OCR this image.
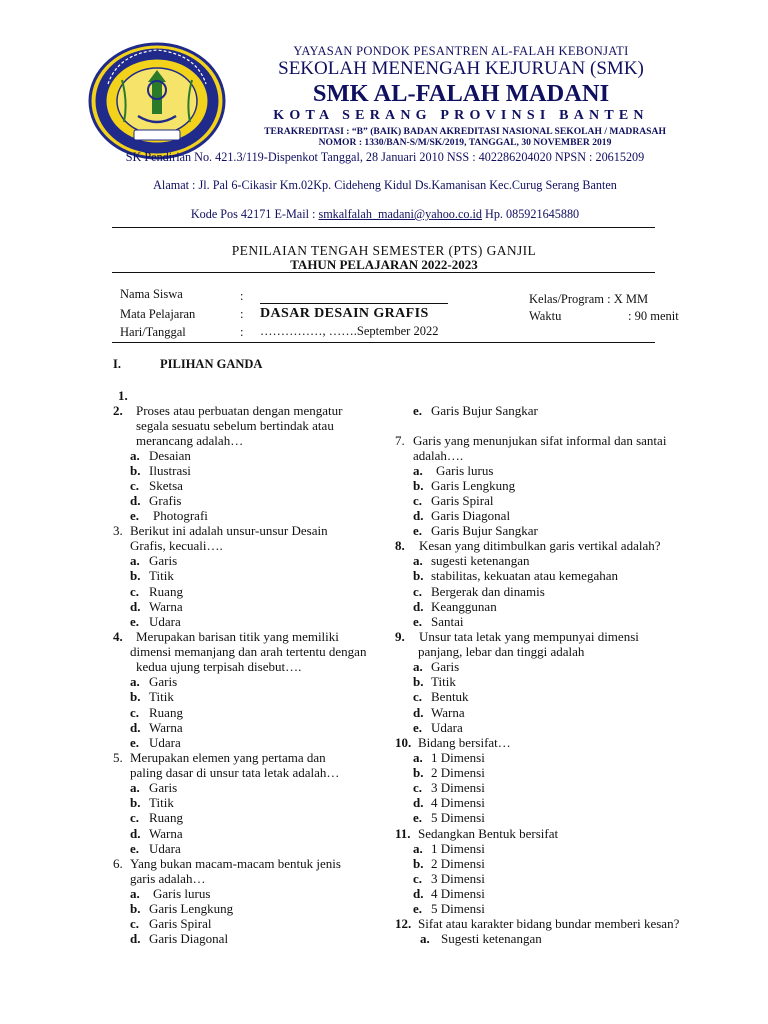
YAYASAN PONDOK PESANTREN AL-FALAH KEBONJATI
SEKOLAH MENENGAH KEJURUAN (SMK)
SMK AL-FALAH MADANI
KOTA SERANG PROVINSI BANTEN
TERAKREDITASI : “B” (BAIK) BADAN AKREDITASI NASIONAL SEKOLAH / MADRASAH
NOMOR : 1330/BAN-S/M/SK/2019, TANGGAL, 30 NOVEMBER 2019
SK Pendirian No. 421.3/119-Dispenkot Tanggal, 28 Januari 2010 NSS : 402286204020 NPSN : 20615209
Alamat : Jl. Pal 6-Cikasir Km.02Kp. Cideheng Kidul Ds.Kamanisan Kec.Curug Serang Banten
Kode Pos 42171 E-Mail : smkalfalah_madani@yahoo.co.id Hp. 085921645880
PENILAIAN TENGAH SEMESTER (PTS) GANJIL
TAHUN PELAJARAN 2022-2023
Nama Siswa	:
Mata Pelajaran	: DASAR DESAIN GRAFIS
Hari/Tanggal	: ……………, …….September 2022
Kelas/Program : X MM
Waktu	: 90 menit
I.	PILIHAN GANDA
1.
2. Proses atau perbuatan dengan mengatur
segala sesuatu sebelum bertindak atau
merancang adalah…
a. Desaian
b. Ilustrasi
c. Sketsa
d. Grafis
e. Photografi
3. Berikut ini adalah unsur-unsur Desain
Grafis, kecuali….
a. Garis
b. Titik
c. Ruang
d. Warna
e. Udara
4. Merupakan barisan titik yang memiliki
dimensi memanjang dan arah tertentu dengan
kedua ujung terpisah disebut….
a. Garis
b. Titik
c. Ruang
d. Warna
e. Udara
5. Merupakan elemen yang pertama dan
paling dasar di unsur tata letak adalah…
a. Garis
b. Titik
c. Ruang
d. Warna
e. Udara
6. Yang bukan macam-macam bentuk jenis
garis adalah…
a. Garis lurus
b. Garis Lengkung
c. Garis Spiral
d. Garis Diagonal
e. Garis Bujur Sangkar
7. Garis yang menunjukan sifat informal dan santai
adalah….
a. Garis lurus
b. Garis Lengkung
c. Garis Spiral
d. Garis Diagonal
e. Garis Bujur Sangkar
8. Kesan yang ditimbulkan garis vertikal adalah?
a. sugesti ketenangan
b. stabilitas, kekuatan atau kemegahan
c. Bergerak dan dinamis
d. Keanggunan
e. Santai
9. Unsur tata letak yang mempunyai dimensi
panjang, lebar dan tinggi adalah
a. Garis
b. Titik
c. Bentuk
d. Warna
e. Udara
10. Bidang bersifat…
a. 1 Dimensi
b. 2 Dimensi
c. 3 Dimensi
d. 4 Dimensi
e. 5 Dimensi
11. Sedangkan Bentuk bersifat
a. 1 Dimensi
b. 2 Dimensi
c. 3 Dimensi
d. 4 Dimensi
e. 5 Dimensi
12. Sifat atau karakter bidang bundar memberi kesan?
a. Sugesti ketenangan
